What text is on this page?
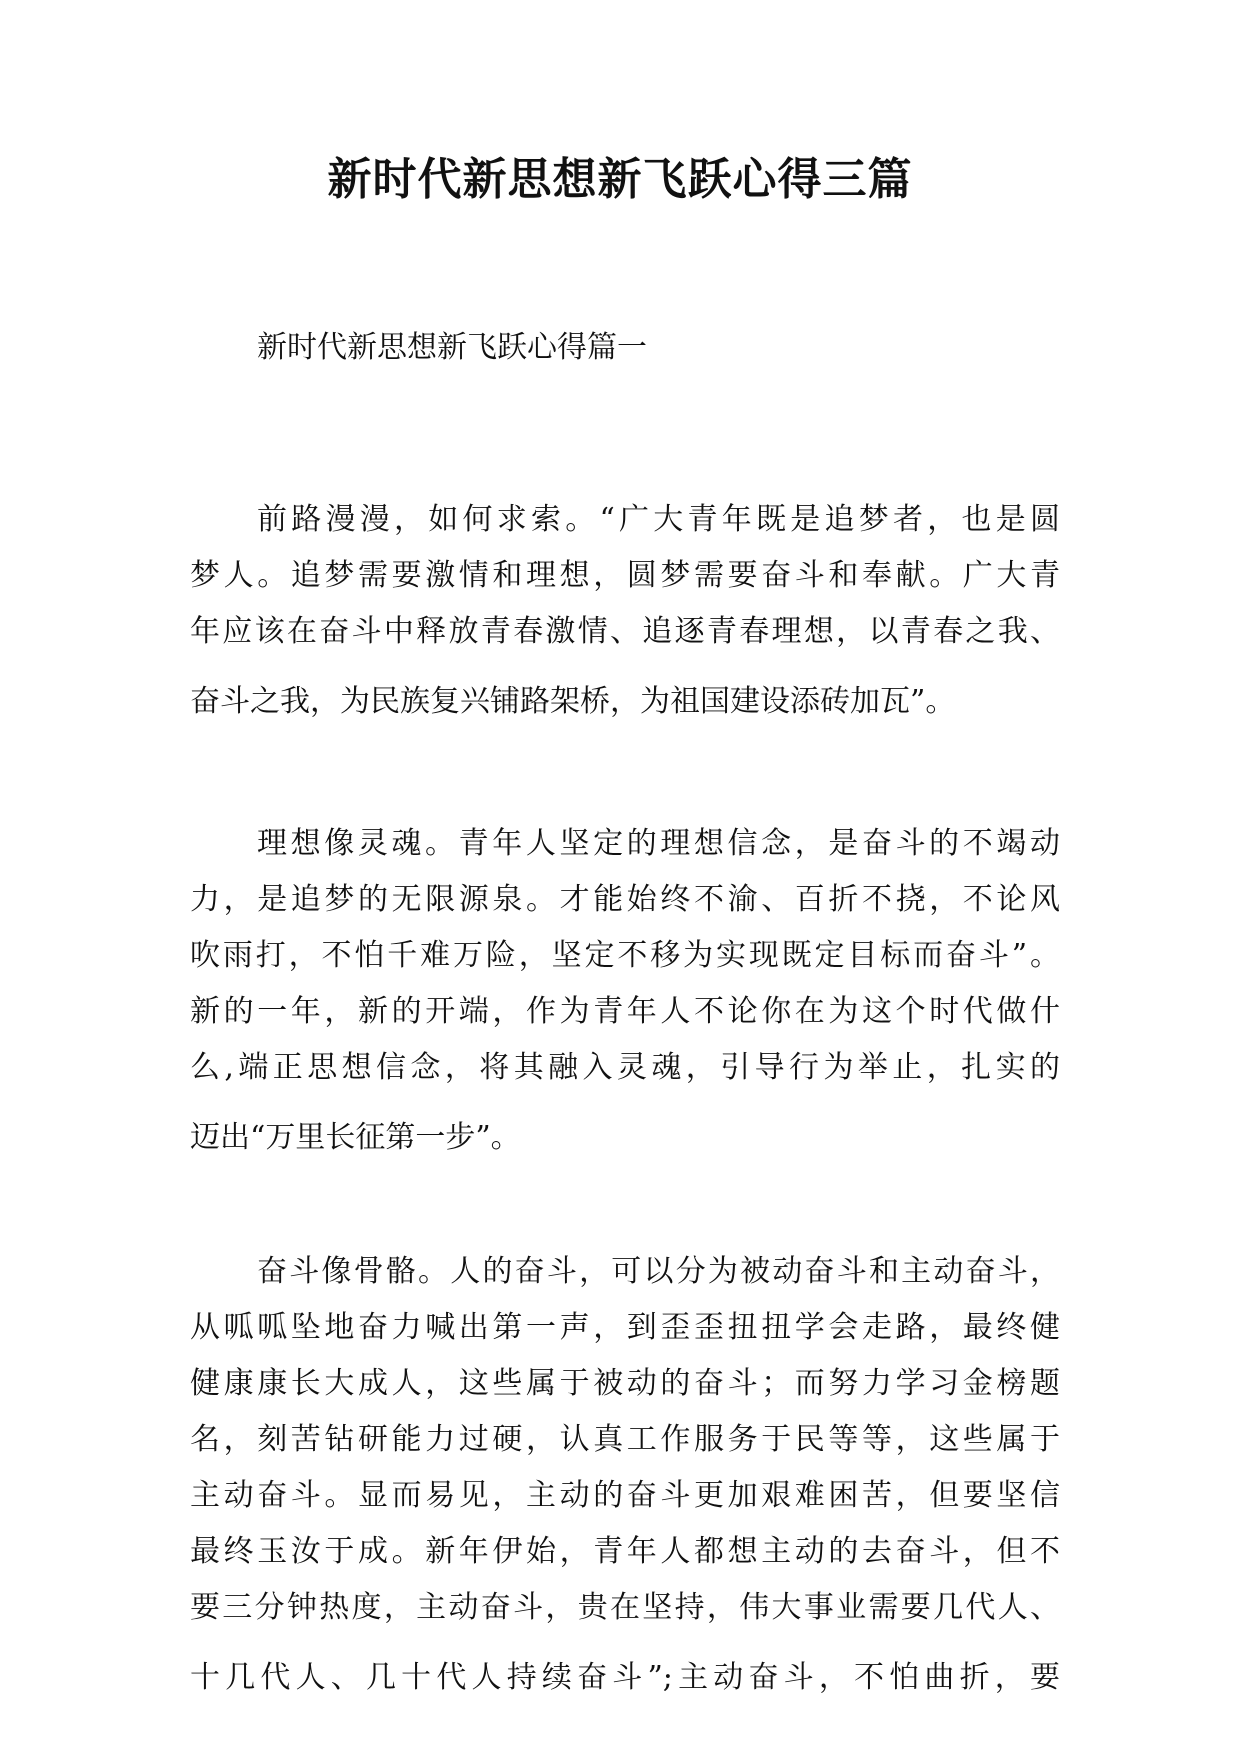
新时代新思想新飞跃心得三篇

新时代新思想新飞跃心得篇一

前路漫漫，如何求索。“广大青年既是追梦者，也是圆
梦人。追梦需要激情和理想，圆梦需要奋斗和奉献。广大青
年应该在奋斗中释放青春激情、追逐青春理想，以青春之我、
奋斗之我，为民族复兴铺路架桥，为祖国建设添砖加瓦”。
理想像灵魂。青年人坚定的理想信念，是奋斗的不竭动
力，是追梦的无限源泉。才能始终不渝、百折不挠，不论风
吹雨打，不怕千难万险，坚定不移为实现既定目标而奋斗”。
新的一年，新的开端，作为青年人不论你在为这个时代做什
么,端正思想信念，将其融入灵魂，引导行为举止，扎实的
迈出“万里长征第一步”。
奋斗像骨骼。人的奋斗，可以分为被动奋斗和主动奋斗，
从呱呱坠地奋力喊出第一声，到歪歪扭扭学会走路，最终健
健康康长大成人，这些属于被动的奋斗；而努力学习金榜题
名，刻苦钻研能力过硬，认真工作服务于民等等，这些属于
主动奋斗。显而易见，主动的奋斗更加艰难困苦，但要坚信
最终玉汝于成。新年伊始，青年人都想主动的去奋斗，但不
要三分钟热度，主动奋斗，贵在坚持，伟大事业需要几代人、
十几代人、几十代人持续奋斗”;主动奋斗，不怕曲折，要
